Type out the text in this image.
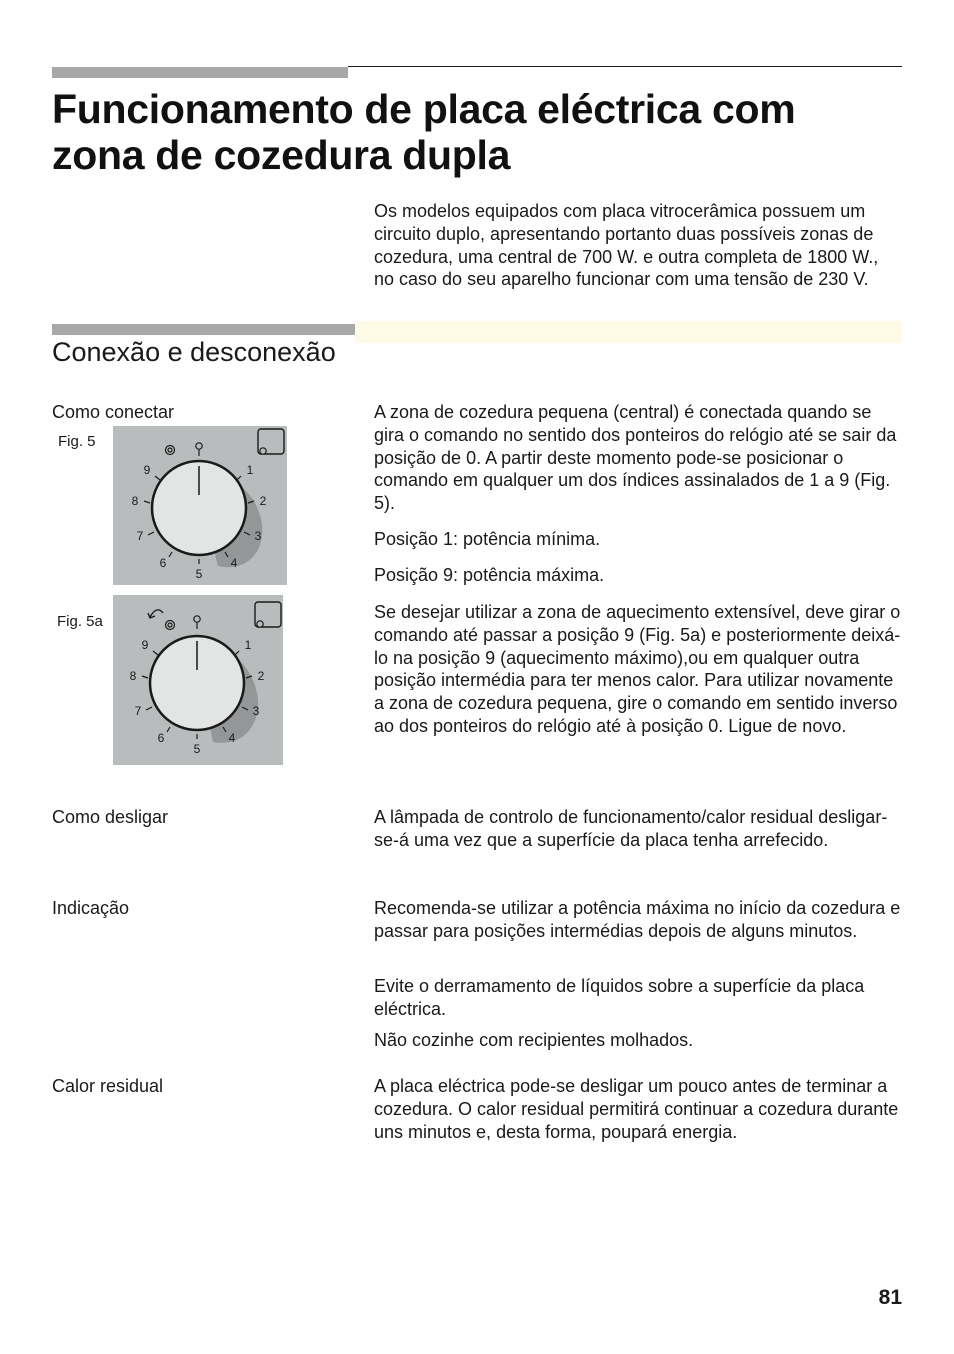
Funcionamento de placa eléctrica com
zona de cozedura dupla
Os modelos equipados com placa vitrocerâmica possuem um circuito duplo, apresentando portanto duas possíveis zonas de cozedura, uma central de 700 W. e outra completa de 1800 W., no caso do seu aparelho funcionar com uma tensão de 230 V.
Conexão e desconexão
Como conectar	A zona de cozedura pequena (central) é conectada quando se gira o comando no sentido dos ponteiros do relógio até se sair da posição de 0. A partir deste momento pode-se posicionar o comando em qualquer um dos índices assinalados de 1 a 9 (Fig. 5).
Posição 1: potência mínima.
Posição 9: potência máxima.
Se desejar utilizar a zona de aquecimento extensível, deve girar o comando até passar a posição 9 (Fig. 5a) e posteriormente deixá-lo na posição 9 (aquecimento máximo),ou em qualquer outra posição intermédia para ter menos calor. Para utilizar novamente a zona de cozedura pequena, gire o comando em sentido inverso ao dos ponteiros do relógio até à posição 0. Ligue de novo.
Fig. 5
Fig. 5a
1
2
3
4
5
6
7
8
9
1
2
3
4
5
6
7
8
9
Como desligar	A lâmpada de controlo de funcionamento/calor residual desligar-se-á uma vez que a superfície da placa tenha arrefecido.
Indicação	Recomenda-se utilizar a potência máxima no início da cozedura e passar para posições intermédias depois de alguns minutos.
Evite o derramamento de líquidos sobre a superfície da placa eléctrica.
Não cozinhe com recipientes molhados.
Calor residual	A placa eléctrica pode-se desligar um pouco antes de terminar a cozedura. O calor residual permitirá continuar a cozedura durante uns minutos e, desta forma, poupará energia.
81
